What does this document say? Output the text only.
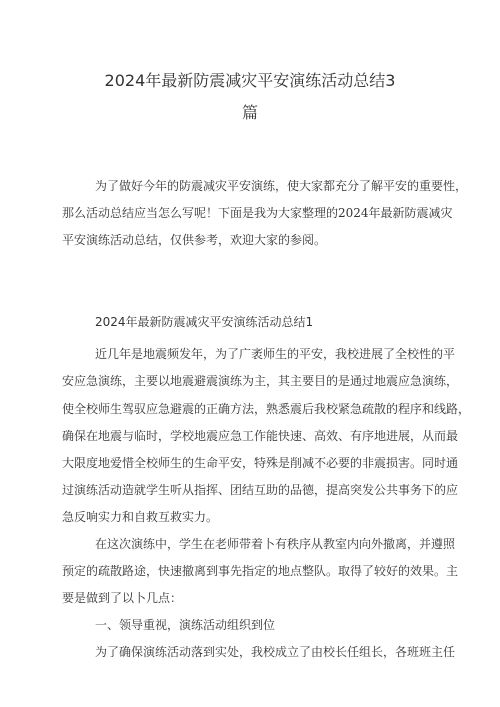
2024年最新防震减灾平安演练活动总结3
篇
为了做好今年的防震减灾平安演练，使大家都充分了解平安的重要性，
那么活动总结应当怎么写呢！下面是我为大家整理的2024年最新防震减灾
平安演练活动总结，仅供参考，欢迎大家的参阅。
2024年最新防震减灾平安演练活动总结1
近几年是地震频发年，为了广袤师生的平安，我校进展了全校性的平
安应急演练，主要以地震避震演练为主，其主要目的是通过地震应急演练，
使全校师生驾驭应急避震的正确方法，熟悉震后我校紧急疏散的程序和线路，
确保在地震与临时，学校地震应急工作能快速、高效、有序地进展，从而最
大限度地爱惜全校师生的生命平安，特殊是削减不必要的非震损害。同时通
过演练活动造就学生听从指挥、团结互助的品德，提高突发公共事务下的应
急反响实力和自救互救实力。
在这次演练中，学生在老师带着卜有秩序从教室内向外撤离，并遵照
预定的疏散路途，快速撤离到事先指定的地点整队。取得了较好的效果。主
要是做到了以卜几点：
一、领导重视，演练活动组织到位
为了确保演练活动落到实处，我校成立了由校长任组长，各班班主任
